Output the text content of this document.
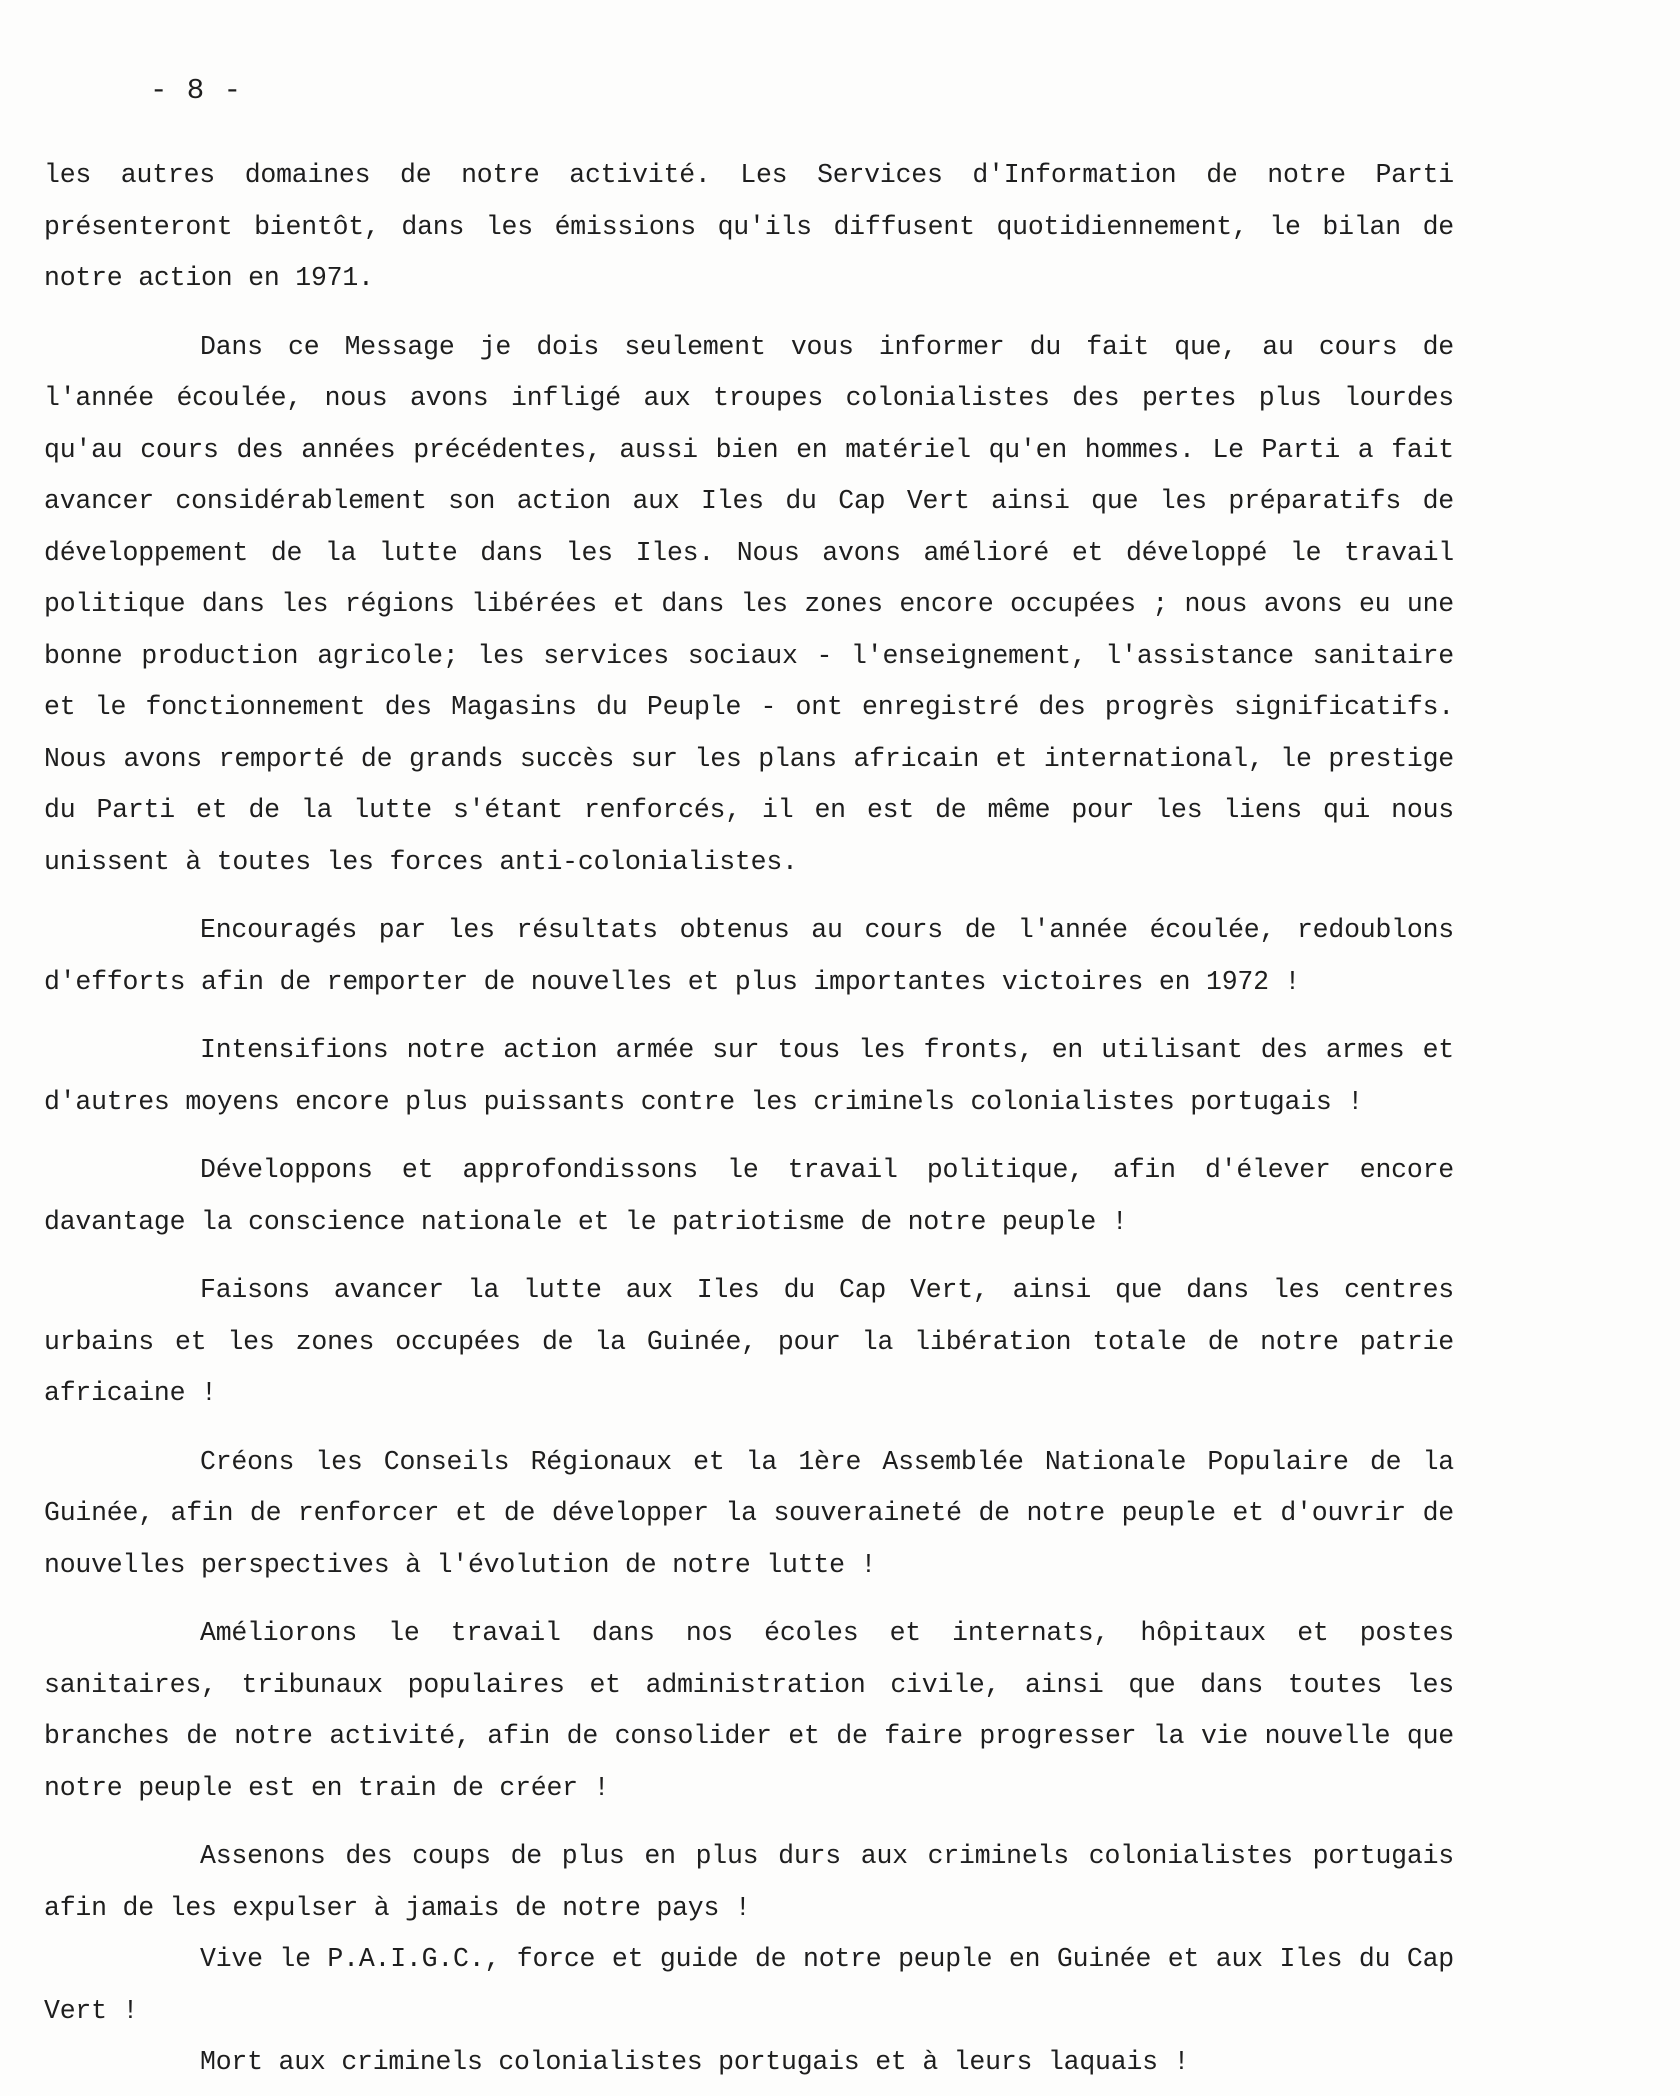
- 8 -

les autres domaines de notre activité. Les Services d'Information de notre Parti présenteront bientôt, dans les émissions qu'ils diffusent quotidiennement, le bilan de notre action en 1971.

Dans ce Message je dois seulement vous informer du fait que, au cours de l'année écoulée, nous avons infligé aux troupes colonialistes des pertes plus lourdes qu'au cours des années précédentes, aussi bien en matériel qu'en hommes. Le Parti a fait avancer considérablement son action aux Iles du Cap Vert ainsi que les préparatifs de développement de la lutte dans les Iles. Nous avons amélioré et développé le travail politique dans les régions libérées et dans les zones encore occupées ; nous avons eu une bonne production agricole; les services sociaux - l'enseignement, l'assistance sanitaire et le fonctionnement des Magasins du Peuple - ont enregistré des progrès significatifs. Nous avons remporté de grands succès sur les plans africain et international, le prestige du Parti et de la lutte s'étant renforcés, il en est de même pour les liens qui nous unissent à toutes les forces anti-colonialistes.

Encouragés par les résultats obtenus au cours de l'année écoulée, redoublons d'efforts afin de remporter de nouvelles et plus importantes victoires en 1972 !

Intensifions notre action armée sur tous les fronts, en utilisant des armes et d'autres moyens encore plus puissants contre les criminels colonialistes portugais !

Développons et approfondissons le travail politique, afin d'élever encore davantage la conscience nationale et le patriotisme de notre peuple !

Faisons avancer la lutte aux Iles du Cap Vert, ainsi que dans les centres urbains et les zones occupées de la Guinée, pour la libération totale de notre patrie africaine !

Créons les Conseils Régionaux et la 1ère Assemblée Nationale Populaire de la Guinée, afin de renforcer et de développer la souveraineté de notre peuple et d'ouvrir de nouvelles perspectives à l'évolution de notre lutte !

Améliorons le travail dans nos écoles et internats, hôpitaux et postes sanitaires, tribunaux populaires et administration civile, ainsi que dans toutes les branches de notre activité, afin de consolider et de faire progresser la vie nouvelle que notre peuple est en train de créer !

Assenons des coups de plus en plus durs aux criminels colonialistes portugais afin de les expulser à jamais de notre pays !

Vive le P.A.I.G.C., force et guide de notre peuple en Guinée et aux Iles du Cap Vert !

Mort aux criminels colonialistes portugais et à leurs laquais !
